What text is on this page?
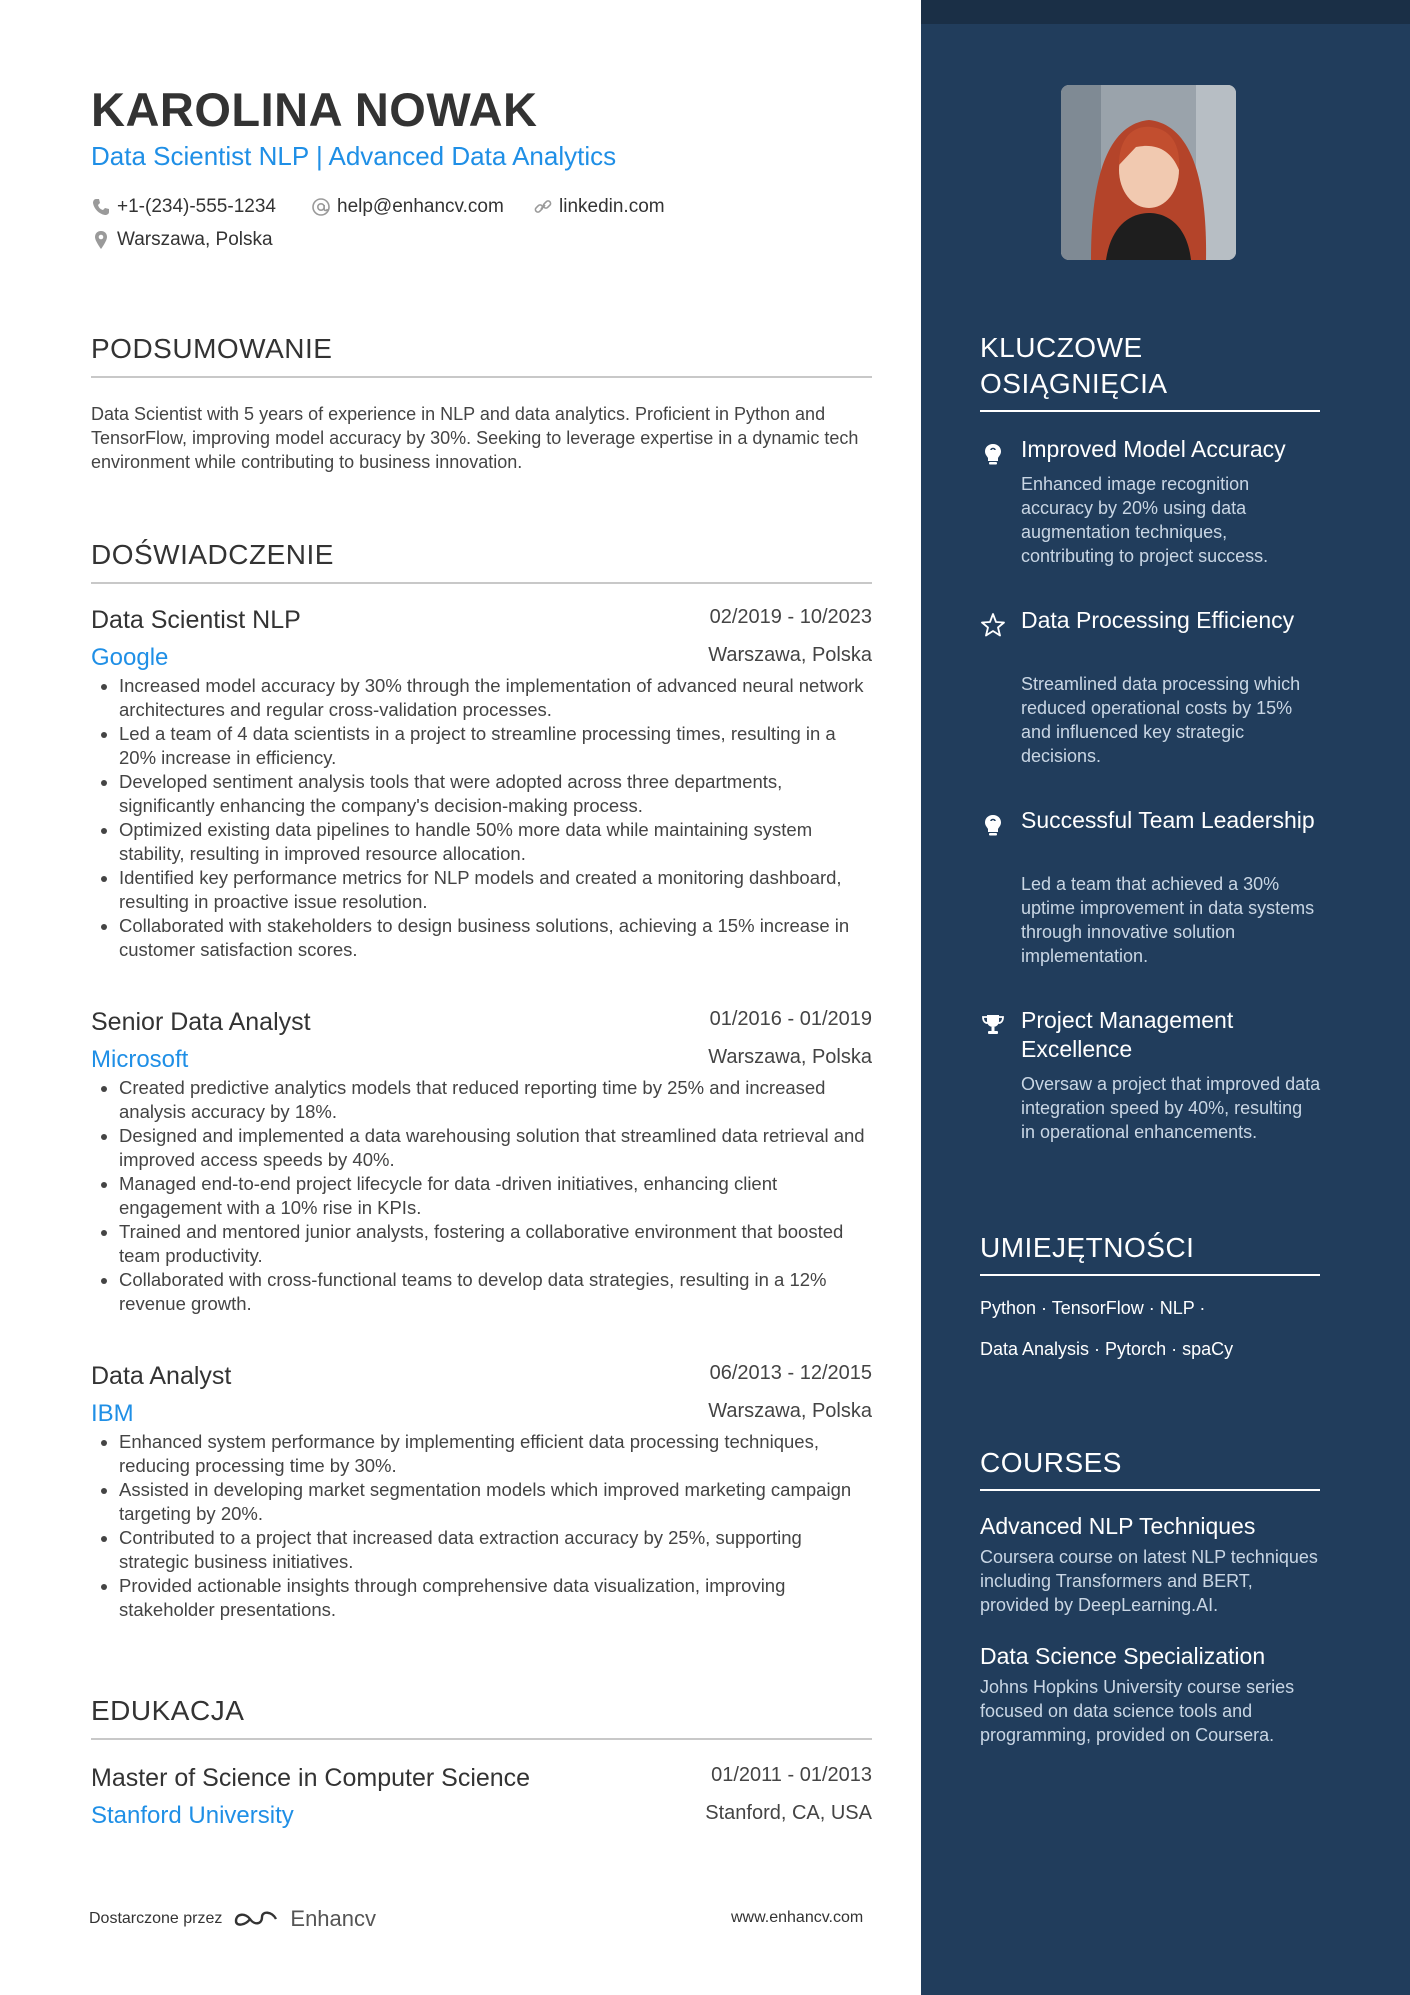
KAROLINA NOWAK
Data Scientist NLP | Advanced Data Analytics
+1-(234)-555-1234	help@enhancv.com	linkedin.com
Warszawa, Polska
PODSUMOWANIE
Data Scientist with 5 years of experience in NLP and data analytics. Proficient in Python and TensorFlow, improving model accuracy by 30%. Seeking to leverage expertise in a dynamic tech environment while contributing to business innovation.
DOŚWIADCZENIE
Data Scientist NLP	02/2019 - 10/2023
Google	Warszawa, Polska
• Increased model accuracy by 30% through the implementation of advanced neural network architectures and regular cross-validation processes.
• Led a team of 4 data scientists in a project to streamline processing times, resulting in a 20% increase in efficiency.
• Developed sentiment analysis tools that were adopted across three departments, significantly enhancing the company's decision-making process.
• Optimized existing data pipelines to handle 50% more data while maintaining system stability, resulting in improved resource allocation.
• Identified key performance metrics for NLP models and created a monitoring dashboard, resulting in proactive issue resolution.
• Collaborated with stakeholders to design business solutions, achieving a 15% increase in customer satisfaction scores.
Senior Data Analyst	01/2016 - 01/2019
Microsoft	Warszawa, Polska
• Created predictive analytics models that reduced reporting time by 25% and increased analysis accuracy by 18%.
• Designed and implemented a data warehousing solution that streamlined data retrieval and improved access speeds by 40%.
• Managed end-to-end project lifecycle for data -driven initiatives, enhancing client engagement with a 10% rise in KPIs.
• Trained and mentored junior analysts, fostering a collaborative environment that boosted team productivity.
• Collaborated with cross-functional teams to develop data strategies, resulting in a 12% revenue growth.
Data Analyst	06/2013 - 12/2015
IBM	Warszawa, Polska
• Enhanced system performance by implementing efficient data processing techniques, reducing processing time by 30%.
• Assisted in developing market segmentation models which improved marketing campaign targeting by 20%.
• Contributed to a project that increased data extraction accuracy by 25%, supporting strategic business initiatives.
• Provided actionable insights through comprehensive data visualization, improving stakeholder presentations.
EDUKACJA
Master of Science in Computer Science	01/2011 - 01/2013
Stanford University	Stanford, CA, USA
Dostarczone przez	Enhancv	www.enhancv.com
KLUCZOWE
OSIĄGNIĘCIA
Improved Model Accuracy
Enhanced image recognition accuracy by 20% using data augmentation techniques, contributing to project success.
Data Processing Efficiency
Streamlined data processing which reduced operational costs by 15% and influenced key strategic decisions.
Successful Team Leadership
Led a team that achieved a 30% uptime improvement in data systems through innovative solution implementation.
Project Management Excellence
Oversaw a project that improved data integration speed by 40%, resulting in operational enhancements.
UMIEJĘTNOŚCI
Python · TensorFlow · NLP ·
Data Analysis · Pytorch · spaCy
COURSES
Advanced NLP Techniques
Coursera course on latest NLP techniques including Transformers and BERT, provided by DeepLearning.AI.
Data Science Specialization
Johns Hopkins University course series focused on data science tools and programming, provided on Coursera.
